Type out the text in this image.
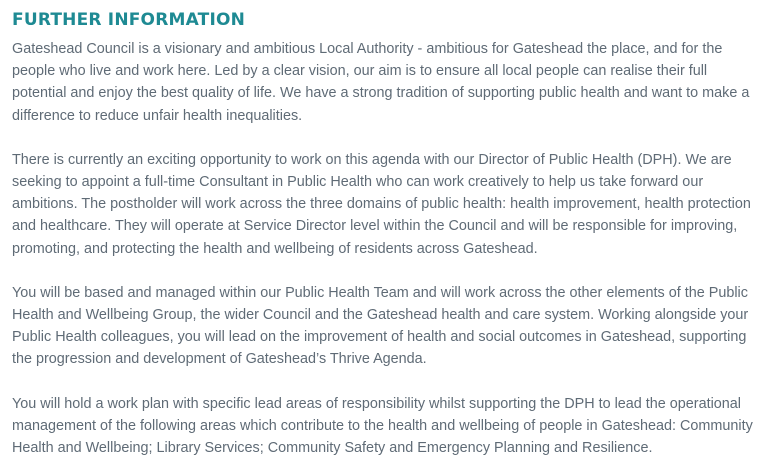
FURTHER INFORMATION

Gateshead Council is a visionary and ambitious Local Authority - ambitious for Gateshead the place, and for the people who live and work here. Led by a clear vision, our aim is to ensure all local people can realise their full potential and enjoy the best quality of life. We have a strong tradition of supporting public health and want to make a difference to reduce unfair health inequalities.

There is currently an exciting opportunity to work on this agenda with our Director of Public Health (DPH). We are seeking to appoint a full-time Consultant in Public Health who can work creatively to help us take forward our ambitions. The postholder will work across the three domains of public health: health improvement, health protection and healthcare. They will operate at Service Director level within the Council and will be responsible for improving, promoting, and protecting the health and wellbeing of residents across Gateshead.

You will be based and managed within our Public Health Team and will work across the other elements of the Public Health and Wellbeing Group, the wider Council and the Gateshead health and care system. Working alongside your Public Health colleagues, you will lead on the improvement of health and social outcomes in Gateshead, supporting the progression and development of Gateshead’s Thrive Agenda.

You will hold a work plan with specific lead areas of responsibility whilst supporting the DPH to lead the operational management of the following areas which contribute to the health and wellbeing of people in Gateshead: Community Health and Wellbeing; Library Services; Community Safety and Emergency Planning and Resilience.
